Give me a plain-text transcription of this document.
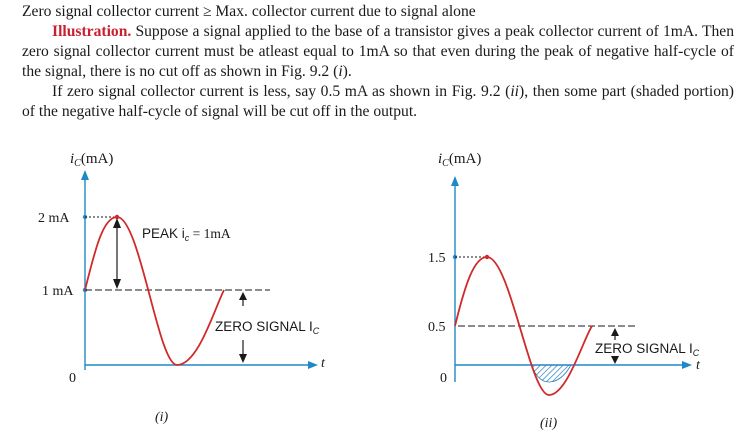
Zero signal collector current ≥ Max. collector current due to signal alone

Illustration. Suppose a signal applied to the base of a transistor gives a peak collector current of 1mA. Then zero signal collector current must be atleast equal to 1mA so that even during the peak of negative half-cycle of the signal, there is no cut off as shown in Fig. 9.2 (i).

If zero signal collector current is less, say 0.5 mA as shown in Fig. 9.2 (ii), then some part (shaded portion) of the negative half-cycle of signal will be cut off in the output.

$i_C(mA)$
2 mA
1 mA
0
PEAK $i_c = 1mA$
ZERO SIGNAL $I_C$
t
(i)
$i_C(mA)$
1.5
0.5
0
ZERO SIGNAL $I_C$
t
(ii)
